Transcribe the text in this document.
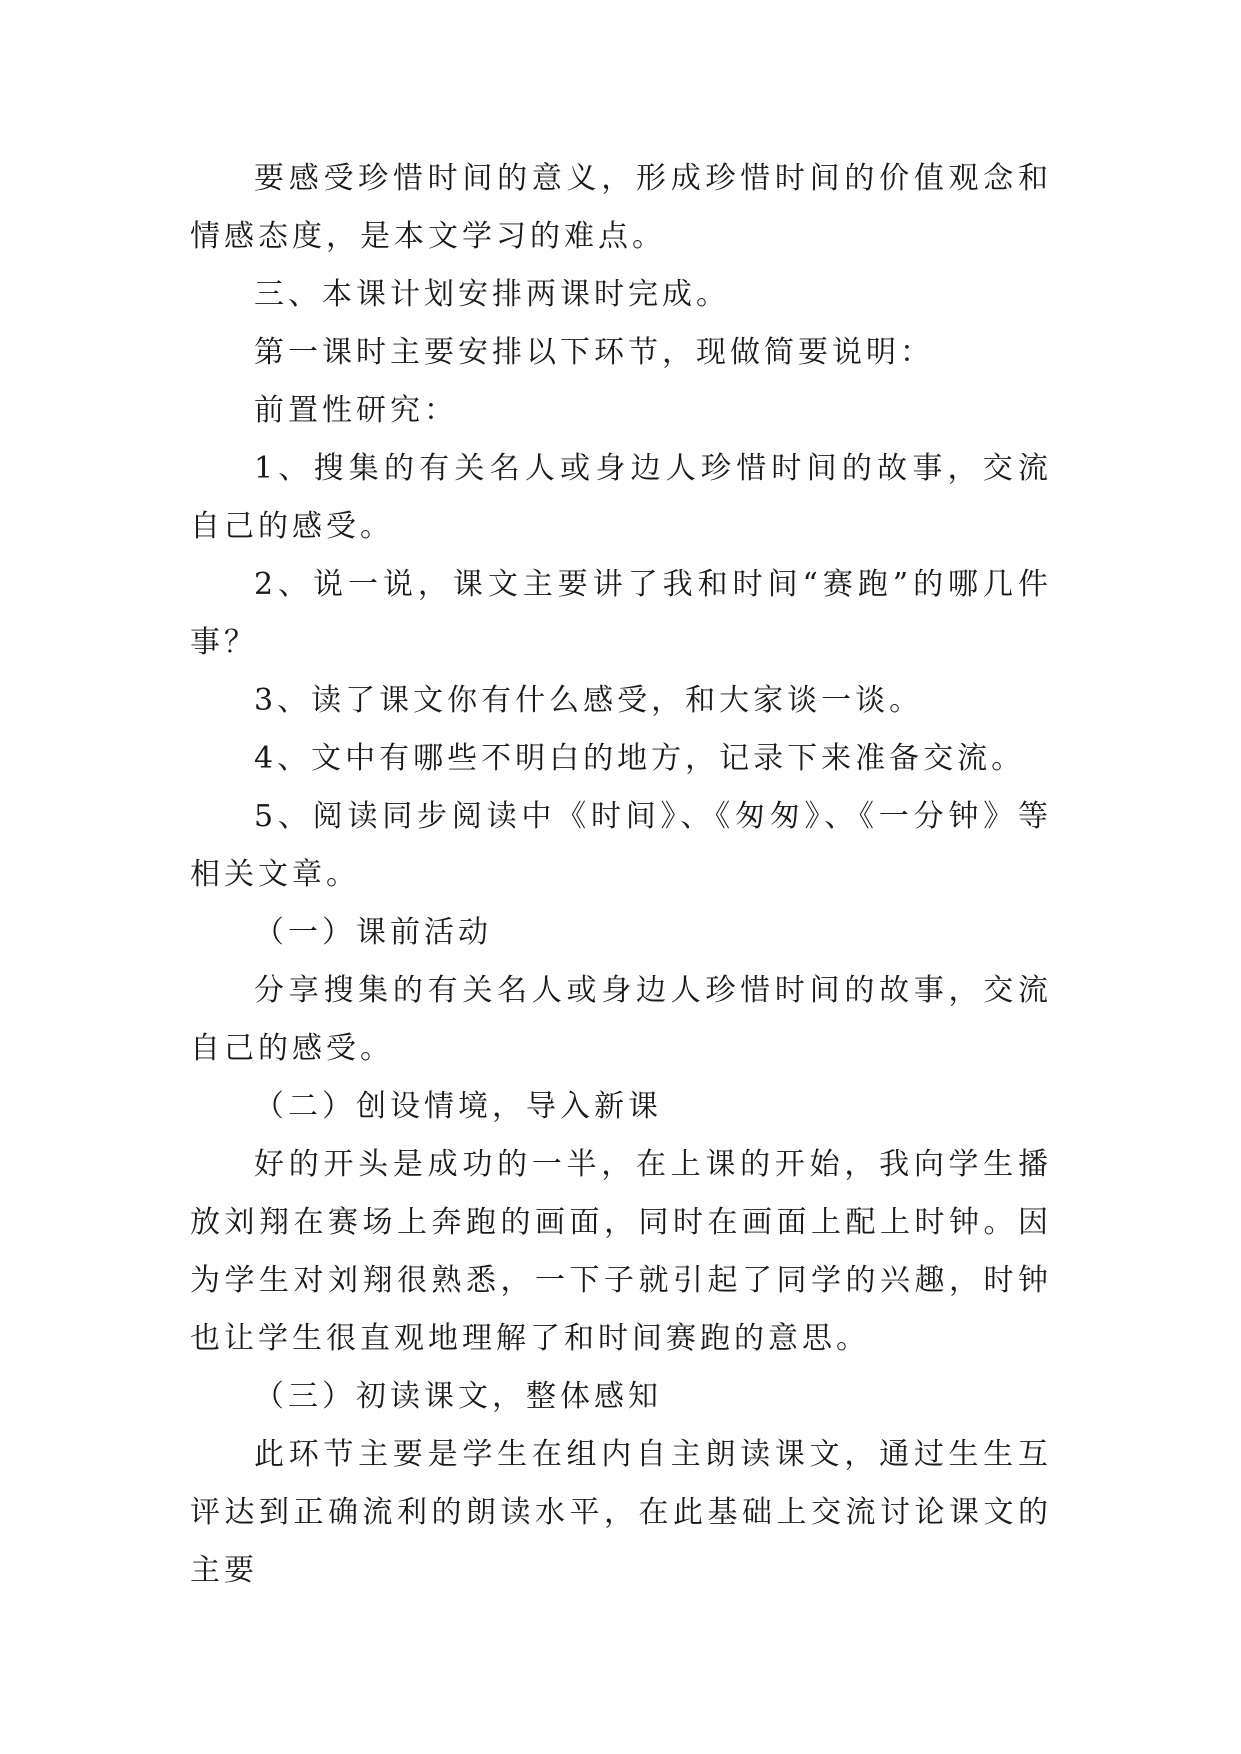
要感受珍惜时间的意义，形成珍惜时间的价值观念和情感态度，是本文学习的难点。

三、本课计划安排两课时完成。

第一课时主要安排以下环节，现做简要说明：

前置性研究：

1、搜集的有关名人或身边人珍惜时间的故事，交流自己的感受。

2、说一说，课文主要讲了我和时间“赛跑”的哪几件事？

3、读了课文你有什么感受，和大家谈一谈。

4、文中有哪些不明白的地方，记录下来准备交流。

5、阅读同步阅读中《时间》、《匆匆》、《一分钟》等相关文章。

（一）课前活动

分享搜集的有关名人或身边人珍惜时间的故事，交流自己的感受。

（二）创设情境，导入新课

好的开头是成功的一半，在上课的开始，我向学生播放刘翔在赛场上奔跑的画面，同时在画面上配上时钟。因为学生对刘翔很熟悉，一下子就引起了同学的兴趣，时钟也让学生很直观地理解了和时间赛跑的意思。

（三）初读课文，整体感知

此环节主要是学生在组内自主朗读课文，通过生生互评达到正确流利的朗读水平，在此基础上交流讨论课文的主要
